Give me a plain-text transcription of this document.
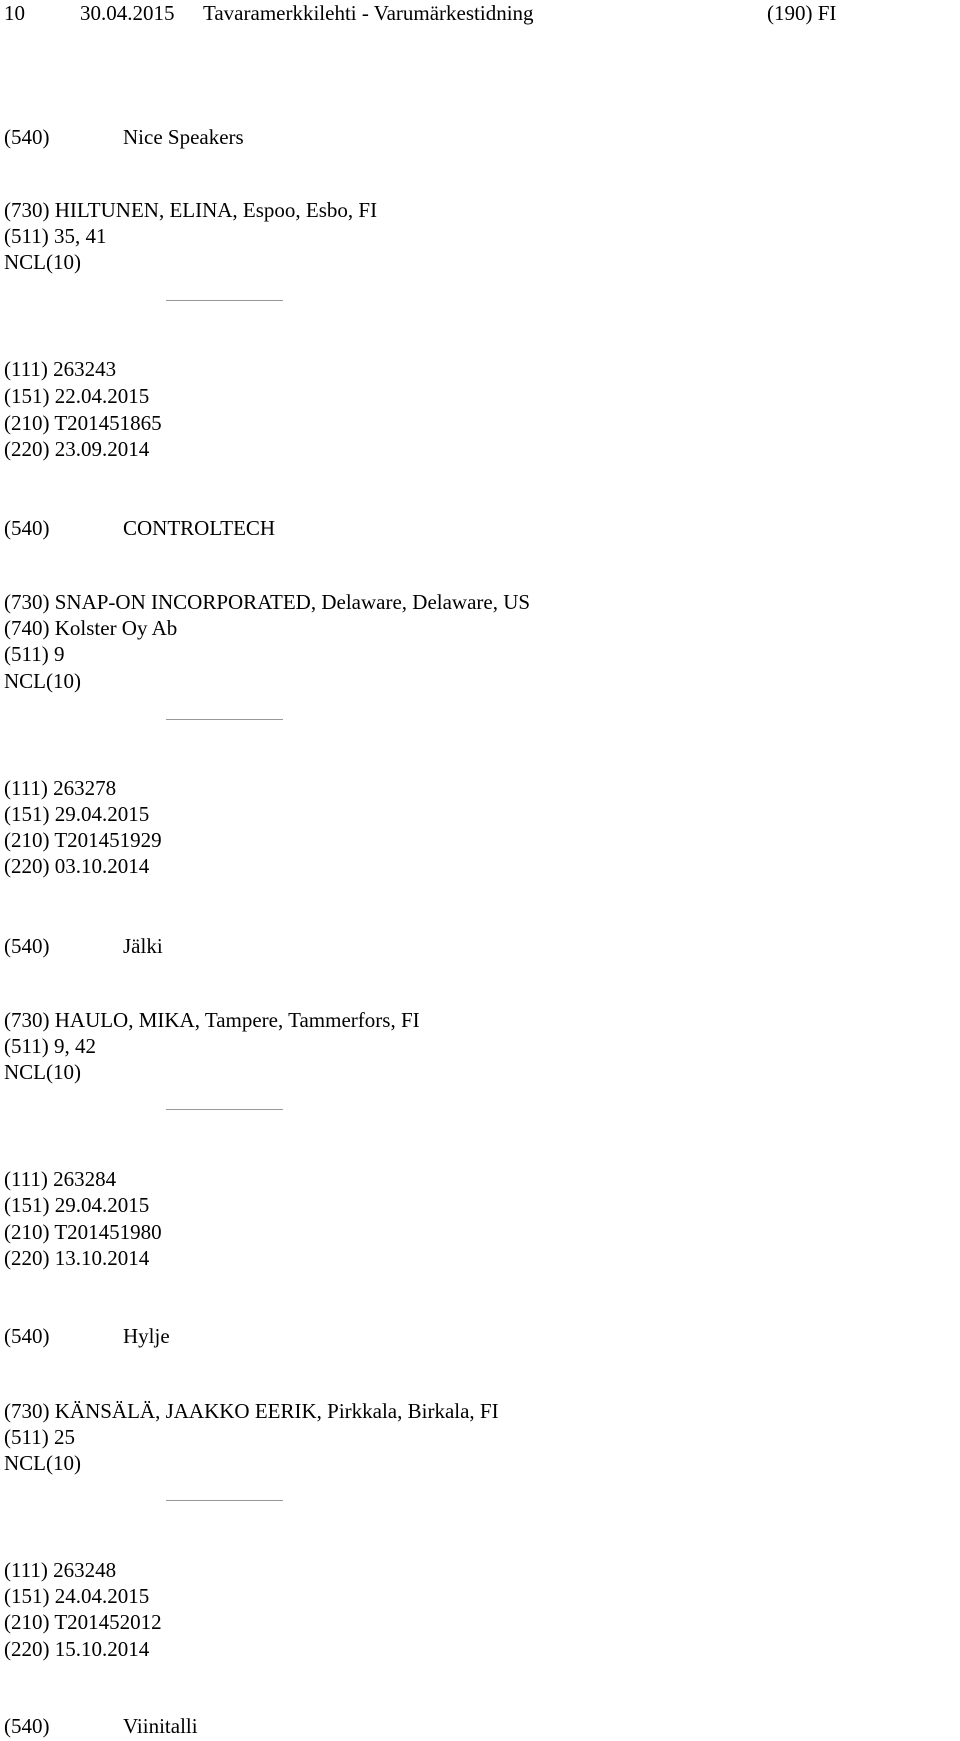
10	30.04.2015 Tavaramerkkilehti - Varumärkestidning	(190) FI
(540)	Nice Speakers
(730) HILTUNEN, ELINA, Espoo, Esbo, FI
(511) 35, 41
NCL(10)
(111) 263243
(151) 22.04.2015
(210) T201451865
(220) 23.09.2014
(540)	CONTROLTECH
(730) SNAP-ON INCORPORATED, Delaware, Delaware, US
(740) Kolster Oy Ab
(511) 9
NCL(10)
(111) 263278
(151) 29.04.2015
(210) T201451929
(220) 03.10.2014
(540)	Jälki
(730) HAULO, MIKA, Tampere, Tammerfors, FI
(511) 9, 42
NCL(10)
(111) 263284
(151) 29.04.2015
(210) T201451980
(220) 13.10.2014
(540)	Hylje
(730) KÄNSÄLÄ, JAAKKO EERIK, Pirkkala, Birkala, FI
(511) 25
NCL(10)
(111) 263248
(151) 24.04.2015
(210) T201452012
(220) 15.10.2014
(540)	Viinitalli
